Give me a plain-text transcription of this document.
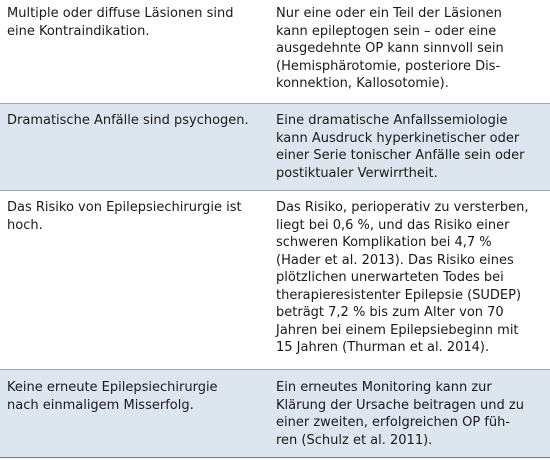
Multiple oder diffuse Läsionen sind
eine Kontraindikation.
Nur eine oder ein Teil der Läsionen
kann epileptogen sein – oder eine
ausgedehnte OP kann sinnvoll sein
(Hemisphärotomie, posteriore Dis-
konnektion, Kallosotomie).
Dramatische Anfälle sind psychogen.	Eine dramatische Anfallssemiologie
kann Ausdruck hyperkinetischer oder
einer Serie tonischer Anfälle sein oder
postiktualer Verwirrtheit.
Das Risiko von Epilepsiechirurgie ist
hoch.
Das Risiko, perioperativ zu versterben,
liegt bei 0,6 %, und das Risiko einer
schweren Komplikation bei 4,7 %
(Hader et al. 2013). Das Risiko eines
plötzlichen unerwarteten Todes bei
therapieresistenter Epilepsie (SUDEP)
beträgt 7,2 % bis zum Alter von 70
Jahren bei einem Epilepsiebeginn mit
15 Jahren (Thurman et al. 2014).
Keine erneute Epilepsiechirurgie
nach einmaligem Misserfolg.
Ein erneutes Monitoring kann zur
Klärung der Ursache beitragen und zu
einer zweiten, erfolgreichen OP füh-
ren (Schulz et al. 2011).
